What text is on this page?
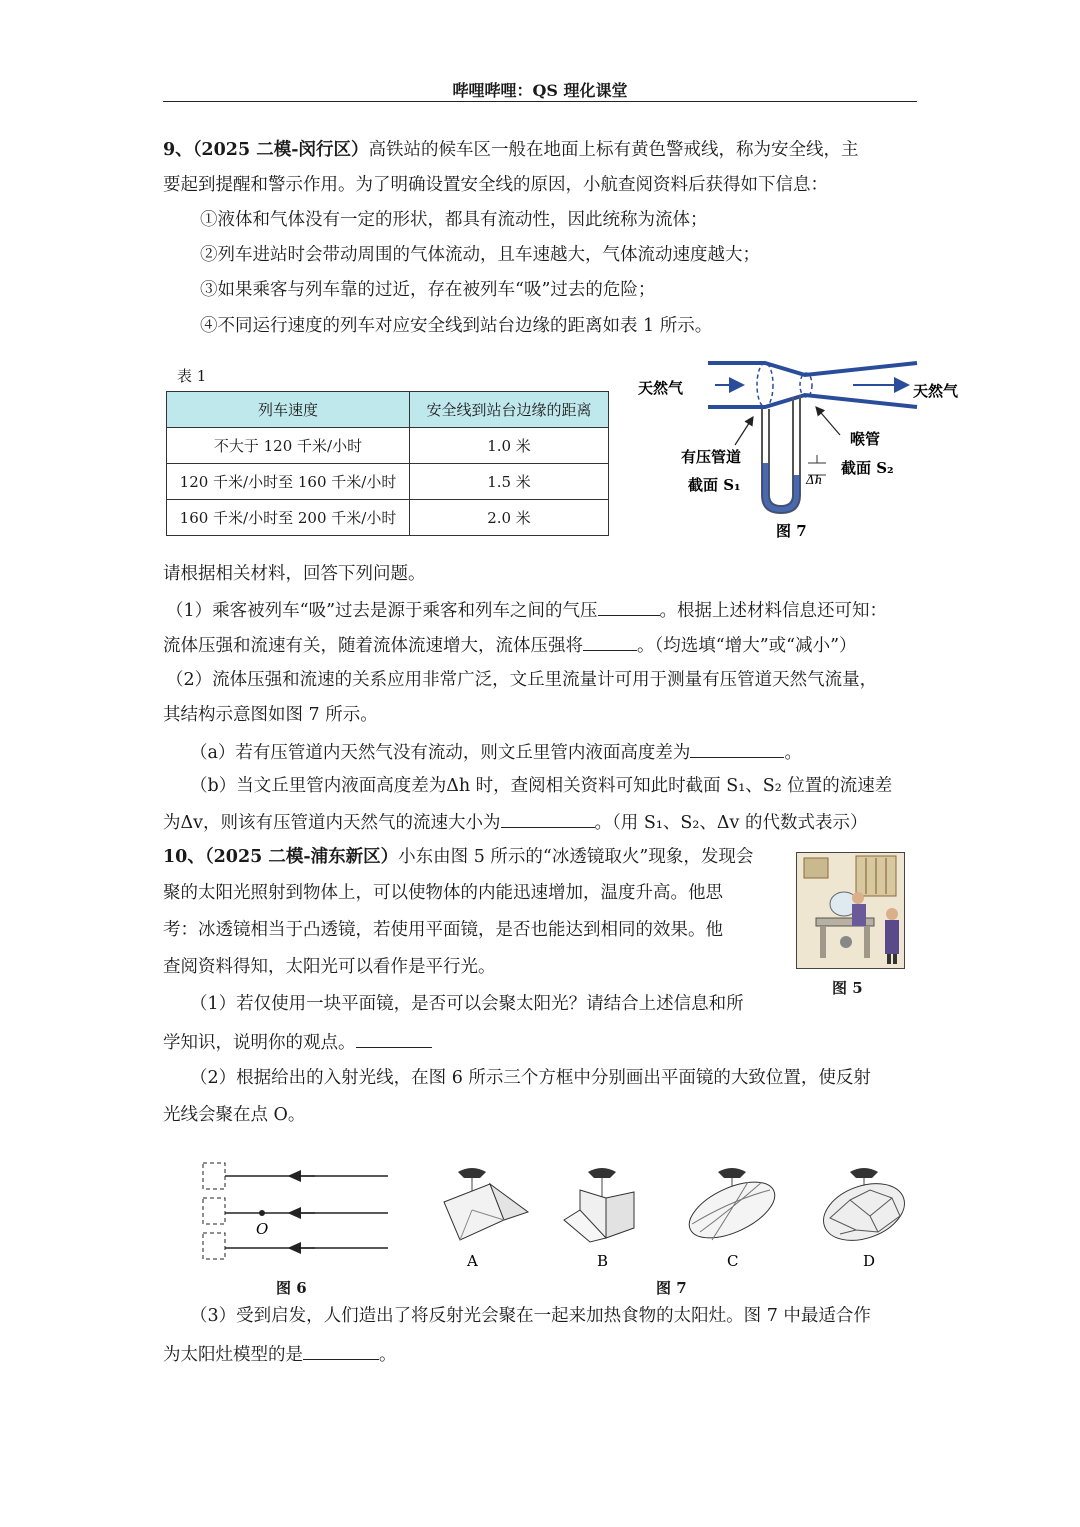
哔哩哔哩：QS 理化课堂
9、（2025 二模-闵行区）高铁站的候车区一般在地面上标有黄色警戒线，称为安全线，主
要起到提醒和警示作用。为了明确设置安全线的原因，小航查阅资料后获得如下信息：
①液体和气体没有一定的形状，都具有流动性，因此统称为流体；
②列车进站时会带动周围的气体流动，且车速越大，气体流动速度越大；
③如果乘客与列车靠的过近，存在被列车“吸”过去的危险；
④不同运行速度的列车对应安全线到站台边缘的距离如表 1 所示。
表 1
列车速度	安全线到站台边缘的距离
不大于 120 千米/小时	1.0 米
120 千米/小时至 160 千米/小时	1.5 米
160 千米/小时至 200 千米/小时	2.0 米
Δh
天然气	天然气
有压管道
截面 S₁
喉管
截面 S₂
图 7
请根据相关材料，回答下列问题。
（1）乘客被列车“吸”过去是源于乘客和列车之间的气压	。根据上述材料信息还可知：
流体压强和流速有关，随着流体流速增大，流体压强将	。（均选填“增大”或“减小”）
（2）流体压强和流速的关系应用非常广泛，文丘里流量计可用于测量有压管道天然气流量，
其结构示意图如图 7 所示。
（a）若有压管道内天然气没有流动，则文丘里管内液面高度差为	。
（b）当文丘里管内液面高度差为Δh 时，查阅相关资料可知此时截面 S₁、S₂ 位置的流速差
为Δv，则该有压管道内天然气的流速大小为	。（用 S₁、S₂、Δv 的代数式表示）
10、（2025 二模-浦东新区）小东由图 5 所示的“冰透镜取火”现象，发现会
聚的太阳光照射到物体上，可以使物体的内能迅速增加，温度升高。他思
考：冰透镜相当于凸透镜，若使用平面镜，是否也能达到相同的效果。他
查阅资料得知，太阳光可以看作是平行光。
图 5
（1）若仅使用一块平面镜，是否可以会聚太阳光？请结合上述信息和所
学知识，说明你的观点。
（2）根据给出的入射光线，在图 6 所示三个方框中分别画出平面镜的大致位置，使反射
光线会聚在点 O。
O
图 6
A	B	C	D
图 7
（3）受到启发，人们造出了将反射光会聚在一起来加热食物的太阳灶。图 7 中最适合作
为太阳灶模型的是	。
